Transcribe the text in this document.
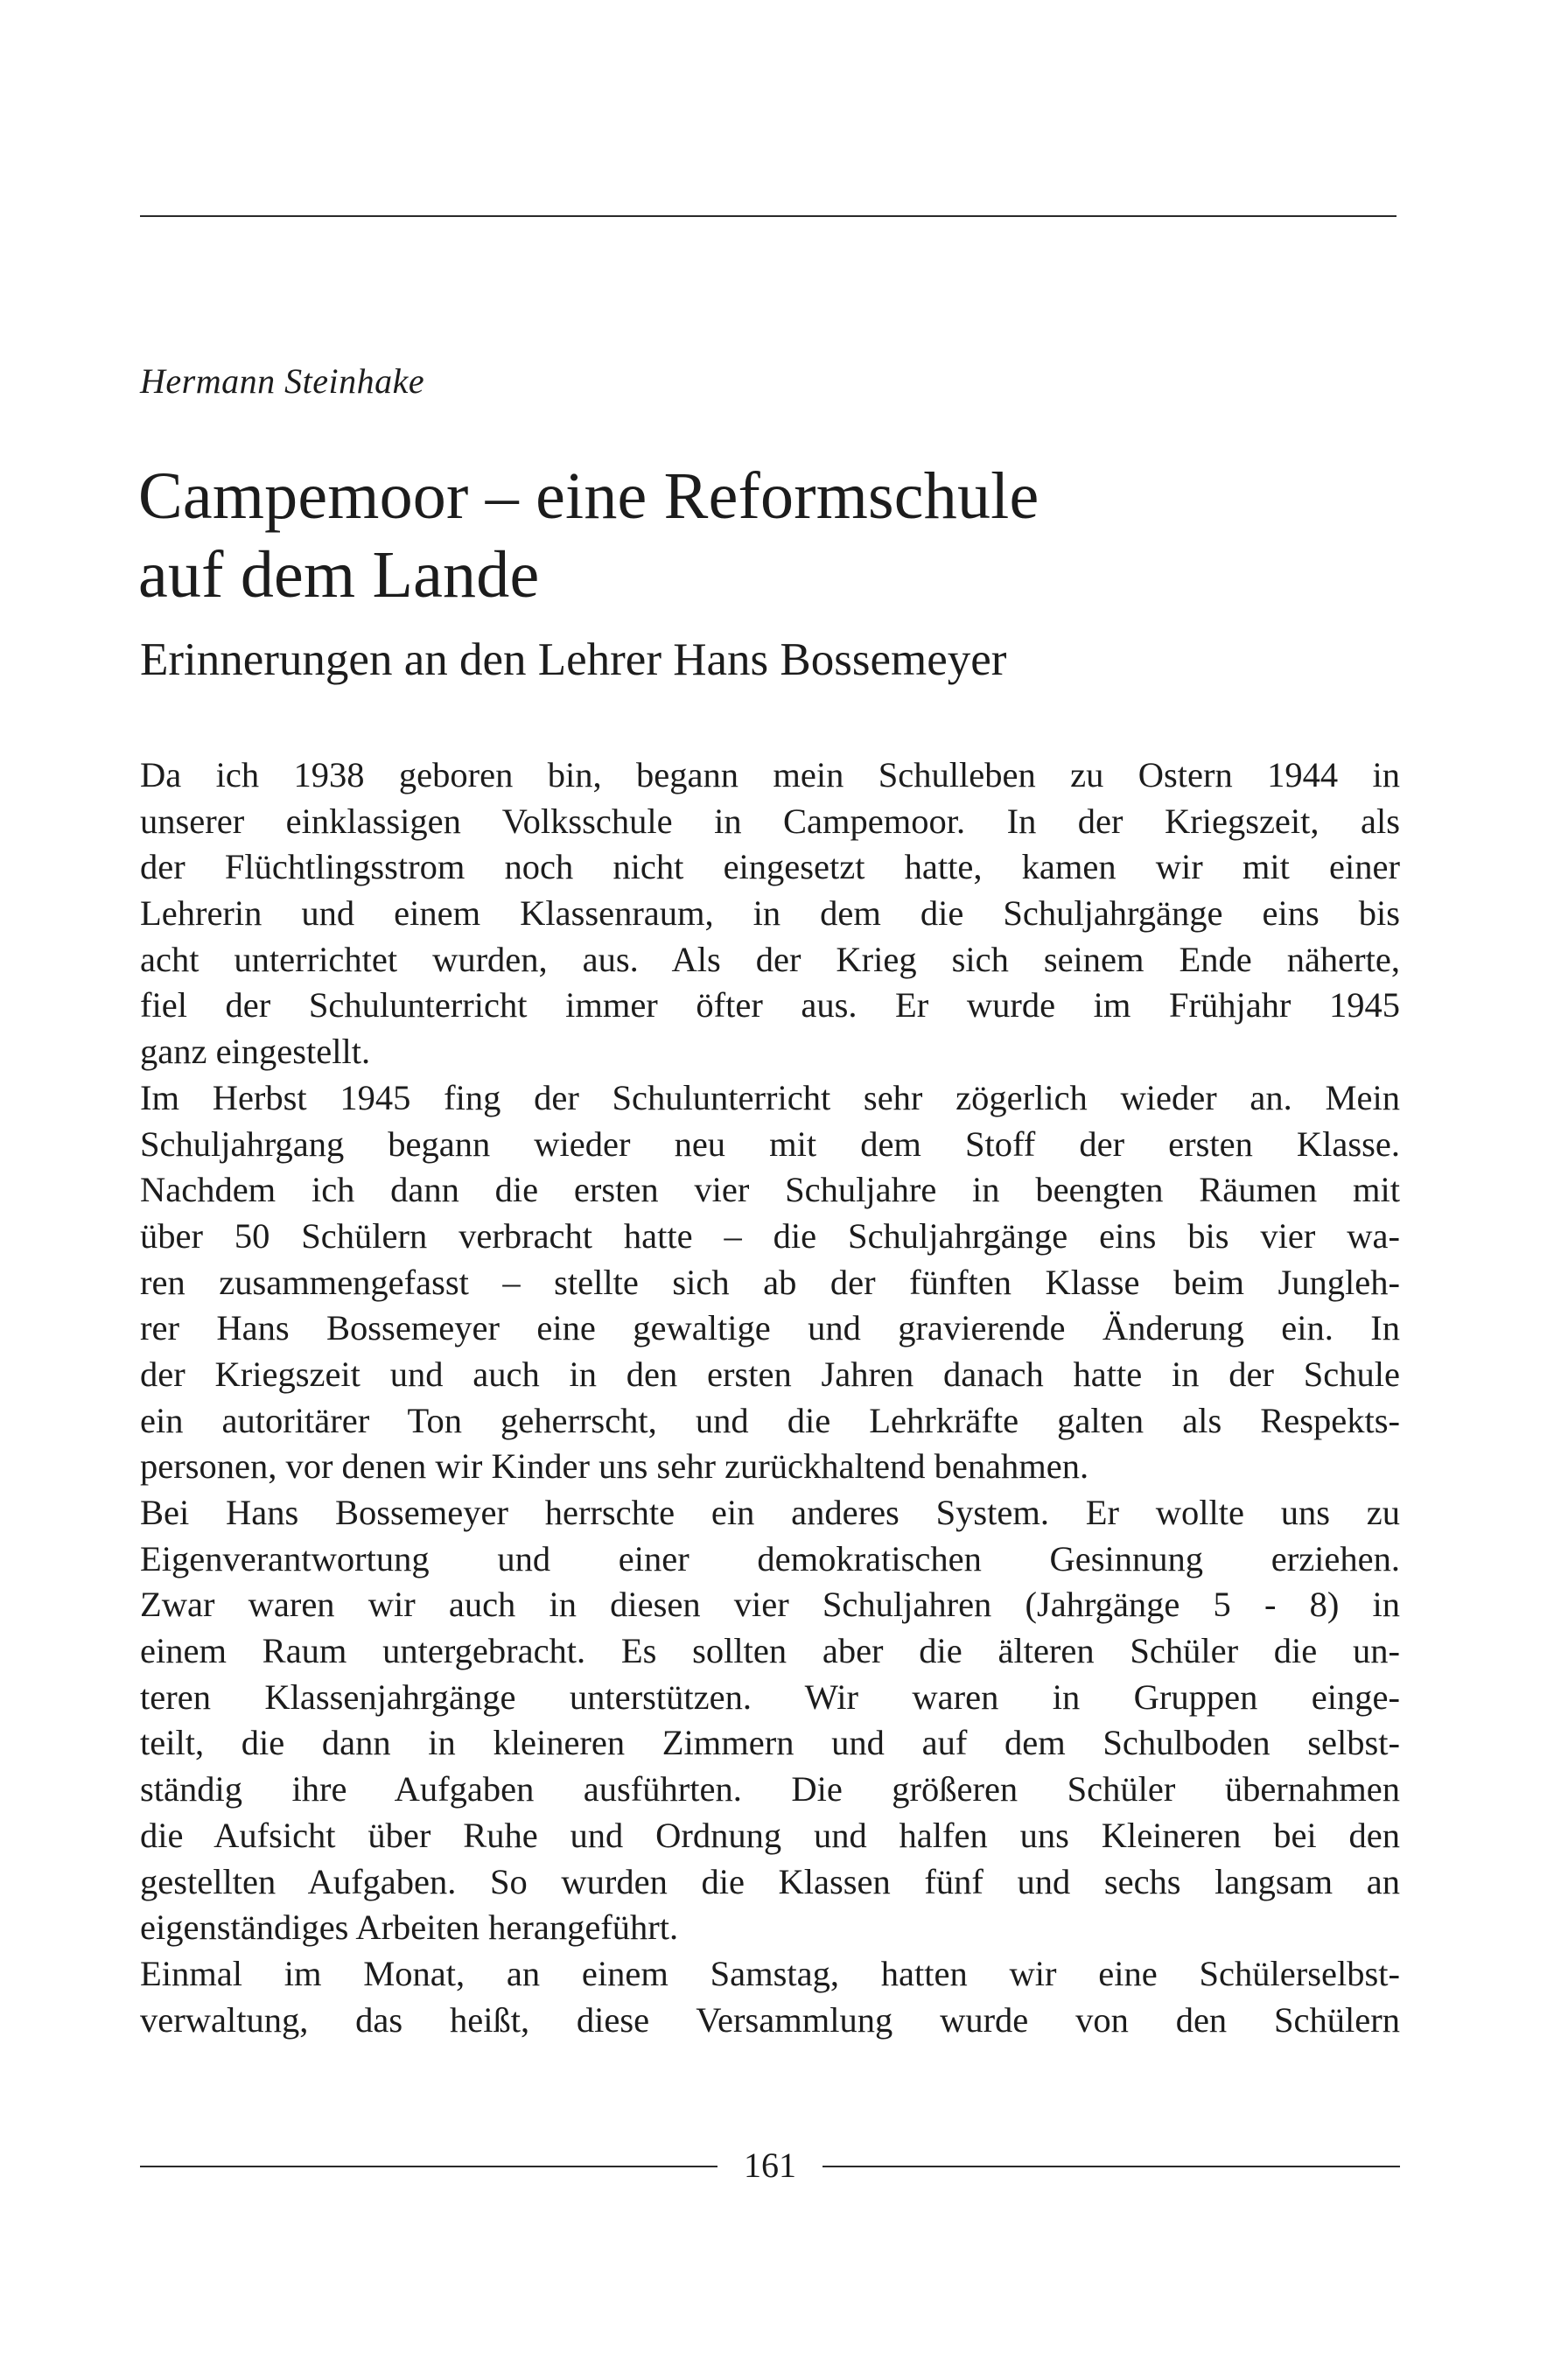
Hermann Steinhake

Campemoor – eine Reformschule
auf dem Lande
Erinnerungen an den Lehrer Hans Bossemeyer
Da ich 1938 geboren bin, begann mein Schulleben zu Ostern 1944 in
unserer einklassigen Volksschule in Campemoor. In der Kriegszeit, als
der Flüchtlingsstrom noch nicht eingesetzt hatte, kamen wir mit einer
Lehrerin und einem Klassenraum, in dem die Schuljahrgänge eins bis
acht unterrichtet wurden, aus. Als der Krieg sich seinem Ende näherte,
fiel der Schulunterricht immer öfter aus. Er wurde im Frühjahr 1945
ganz eingestellt.
Im Herbst 1945 fing der Schulunterricht sehr zögerlich wieder an. Mein
Schuljahrgang begann wieder neu mit dem Stoff der ersten Klasse.
Nachdem ich dann die ersten vier Schuljahre in beengten Räumen mit
über 50 Schülern verbracht hatte – die Schuljahrgänge eins bis vier wa-
ren zusammengefasst – stellte sich ab der fünften Klasse beim Jungleh-
rer Hans Bossemeyer eine gewaltige und gravierende Änderung ein. In
der Kriegszeit und auch in den ersten Jahren danach hatte in der Schule
ein autoritärer Ton geherrscht, und die Lehrkräfte galten als Respekts-
personen, vor denen wir Kinder uns sehr zurückhaltend benahmen.
Bei Hans Bossemeyer herrschte ein anderes System. Er wollte uns zu
Eigenverantwortung und einer demokratischen Gesinnung erziehen.
Zwar waren wir auch in diesen vier Schuljahren (Jahrgänge 5 - 8) in
einem Raum untergebracht. Es sollten aber die älteren Schüler die un-
teren Klassenjahrgänge unterstützen. Wir waren in Gruppen einge-
teilt, die dann in kleineren Zimmern und auf dem Schulboden selbst-
ständig ihre Aufgaben ausführten. Die größeren Schüler übernahmen
die Aufsicht über Ruhe und Ordnung und halfen uns Kleineren bei den
gestellten Aufgaben. So wurden die Klassen fünf und sechs langsam an
eigenständiges Arbeiten herangeführt.
Einmal im Monat, an einem Samstag, hatten wir eine Schülerselbst-
verwaltung, das heißt, diese Versammlung wurde von den Schülern
161
